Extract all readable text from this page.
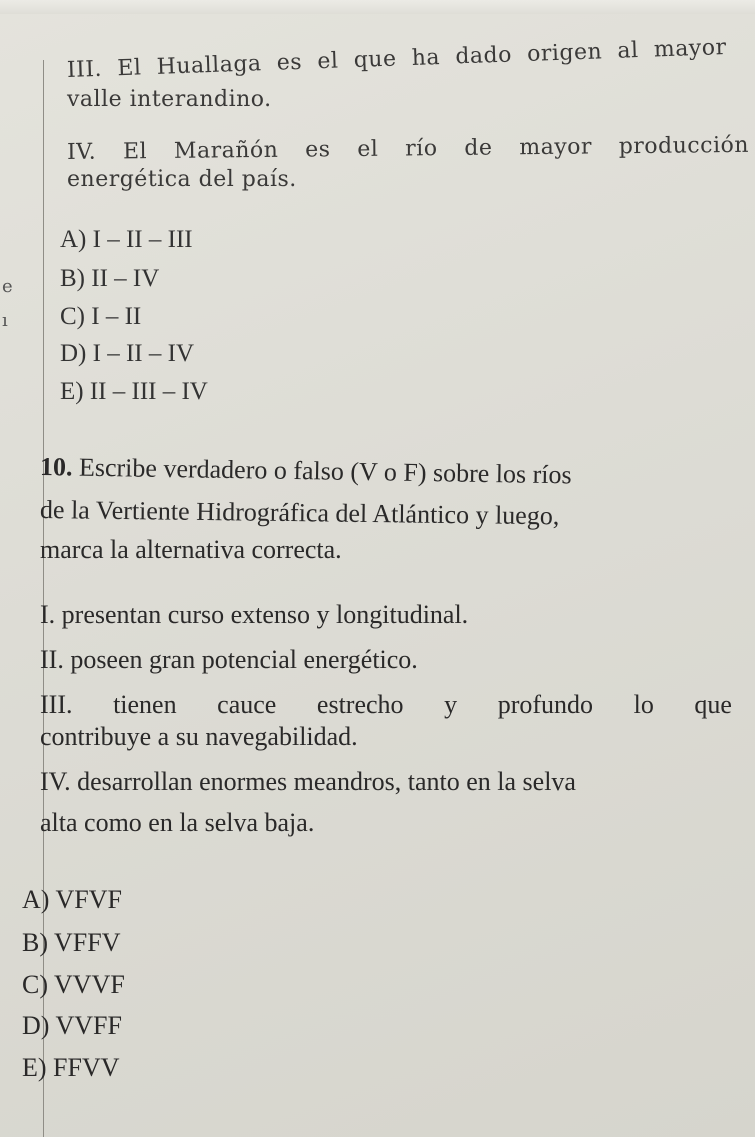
e
ı
III. El Huallaga es el que ha dado origen al mayor
valle interandino.
IV. El Marañón es el río de mayor producción
energética del país.
A) I – II – III
B) II – IV
C) I – II
D) I – II – IV
E) II – III – IV
10. Escribe verdadero o falso (V o F) sobre los ríos
de la Vertiente Hidrográfica del Atlántico y luego,
marca la alternativa correcta.
I. presentan curso extenso y longitudinal.
II. poseen gran potencial energético.
III. tienen cauce estrecho y profundo lo que
contribuye a su navegabilidad.
IV. desarrollan enormes meandros, tanto en la selva
alta como en la selva baja.
A) VFVF
B) VFFV
C) VVVF
D) VVFF
E) FFVV
